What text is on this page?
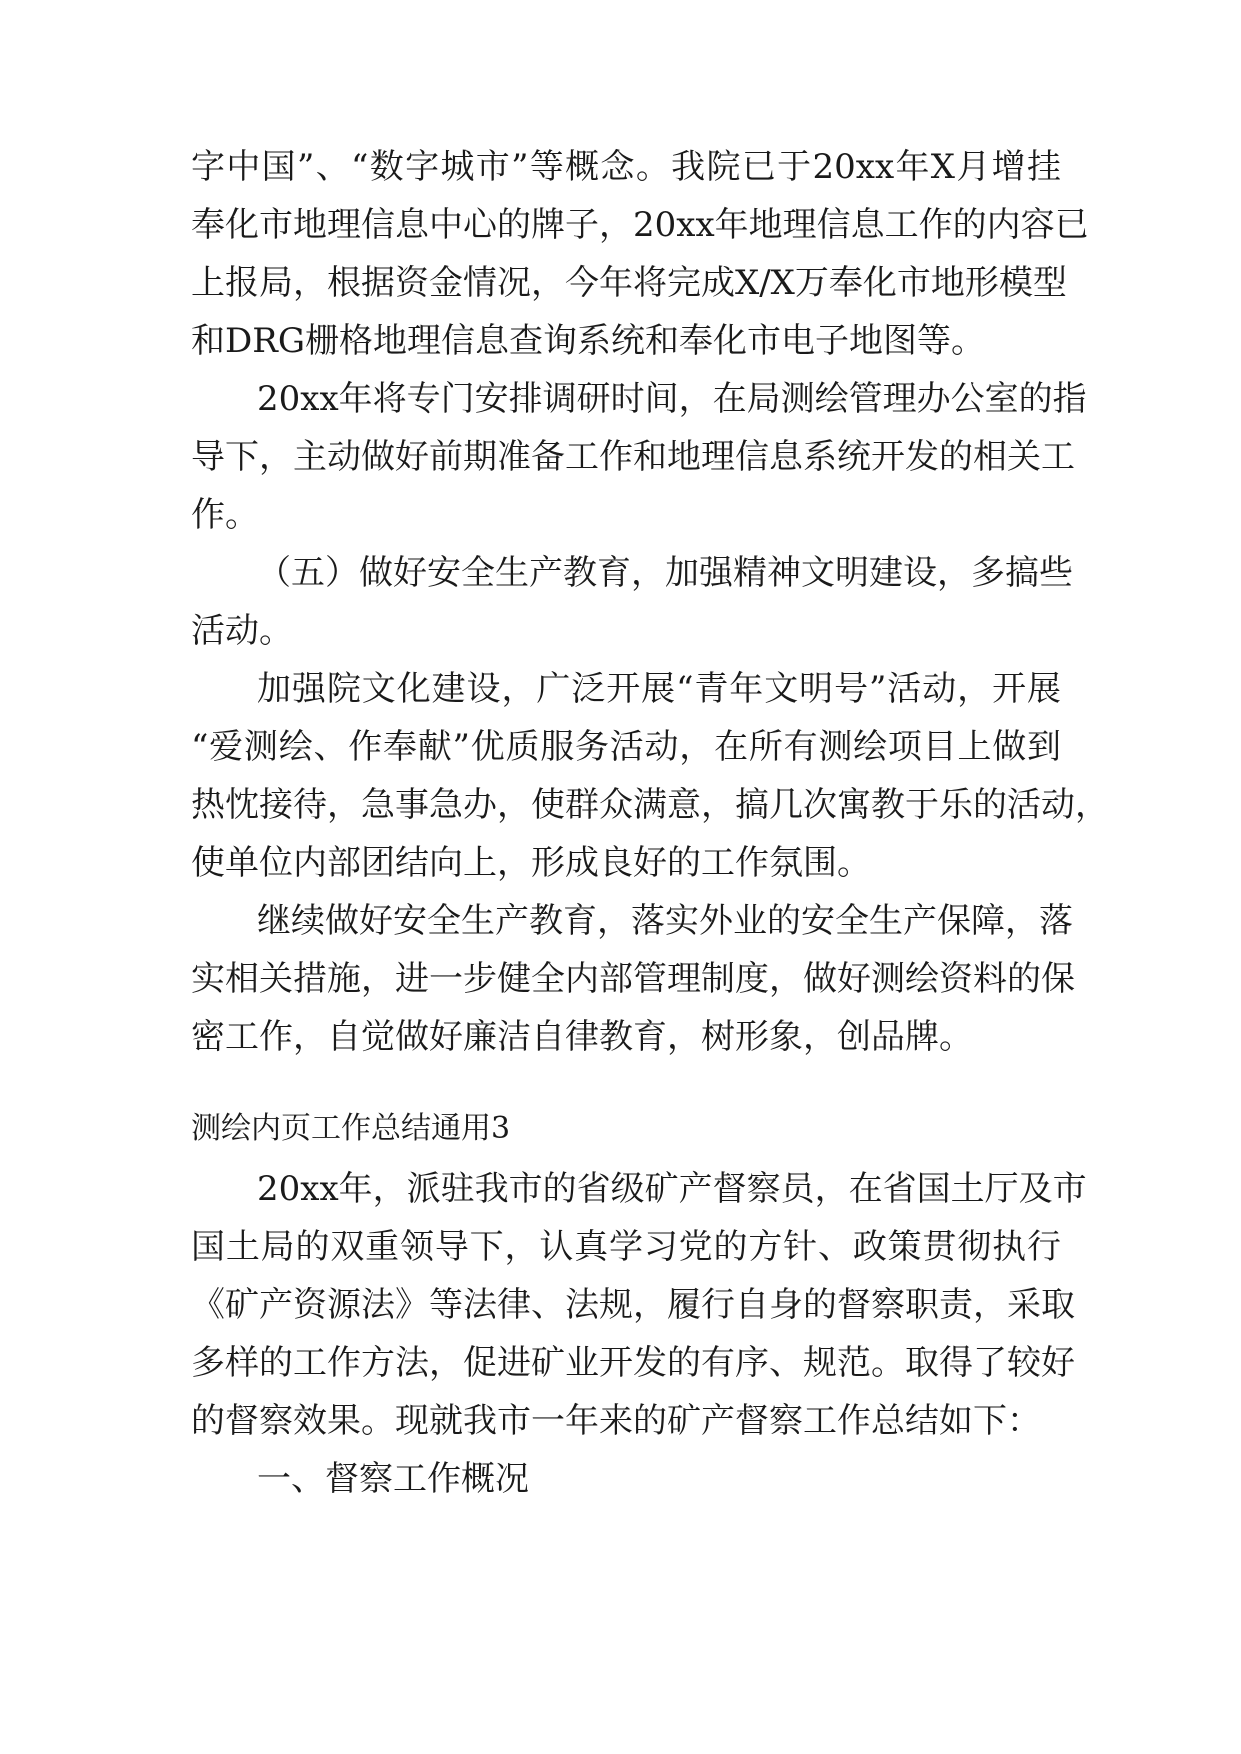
字中国”、“数字城市”等概念。我院已于20xx年X月增挂
奉化市地理信息中心的牌子，20xx年地理信息工作的内容已
上报局，根据资金情况，今年将完成X/X万奉化市地形模型
和DRG栅格地理信息查询系统和奉化市电子地图等。
20xx年将专门安排调研时间，在局测绘管理办公室的指
导下，主动做好前期准备工作和地理信息系统开发的相关工
作。
（五）做好安全生产教育，加强精神文明建设，多搞些
活动。
加强院文化建设，广泛开展“青年文明号”活动，开展
“爱测绘、作奉献”优质服务活动，在所有测绘项目上做到
热忱接待，急事急办，使群众满意，搞几次寓教于乐的活动，
使单位内部团结向上，形成良好的工作氛围。
继续做好安全生产教育，落实外业的安全生产保障，落
实相关措施，进一步健全内部管理制度，做好测绘资料的保
密工作，自觉做好廉洁自律教育，树形象，创品牌。
测绘内页工作总结通用3
20xx年，派驻我市的省级矿产督察员，在省国土厅及市
国土局的双重领导下，认真学习党的方针、政策贯彻执行
《矿产资源法》等法律、法规，履行自身的督察职责，采取
多样的工作方法，促进矿业开发的有序、规范。取得了较好
的督察效果。现就我市一年来的矿产督察工作总结如下：
一、督察工作概况
